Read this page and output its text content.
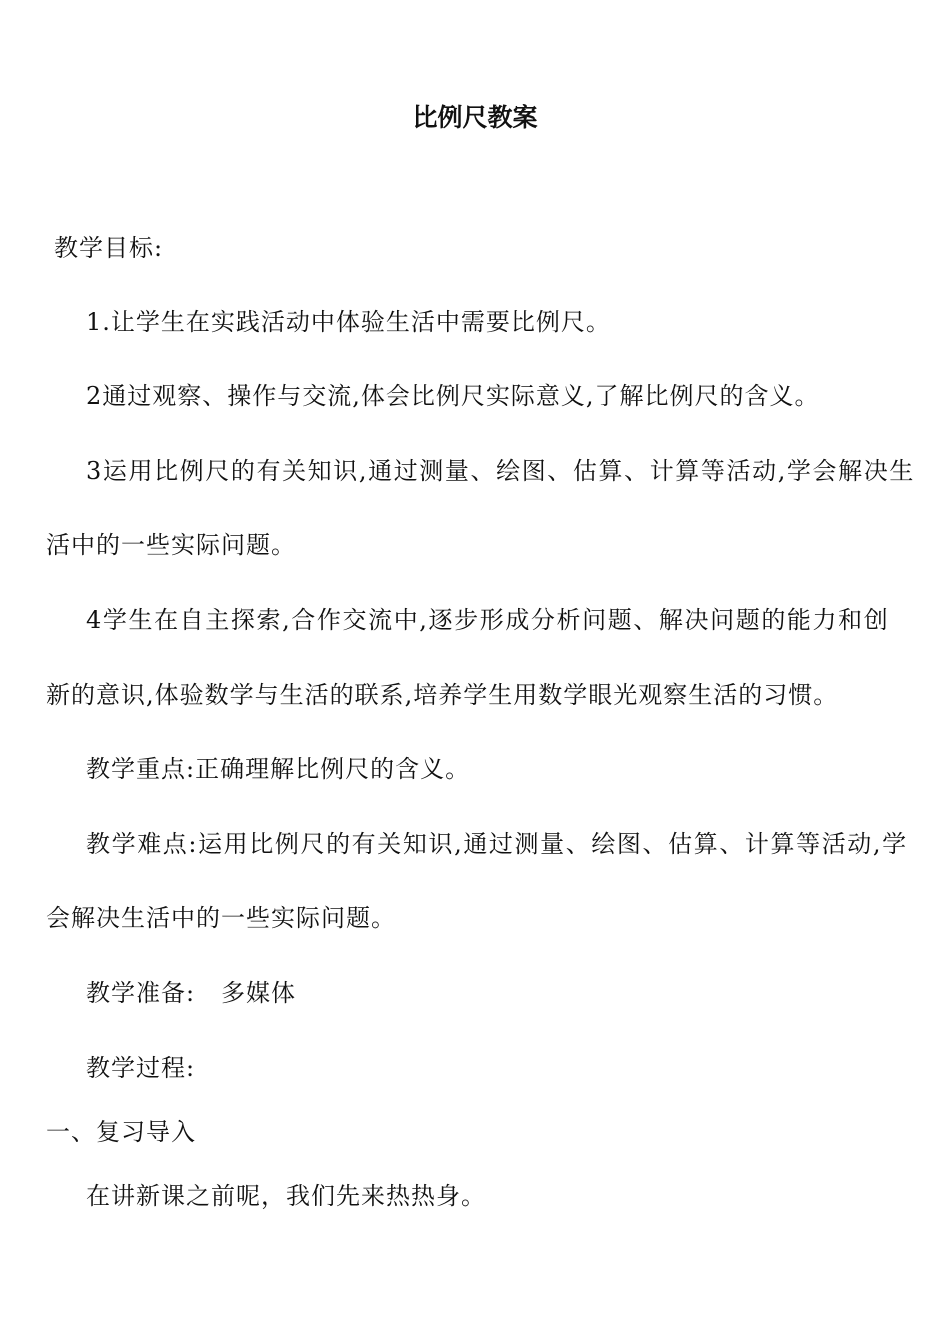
比例尺教案
教学目标:
1.让学生在实践活动中体验生活中需要比例尺。
2通过观察、操作与交流,体会比例尺实际意义,了解比例尺的含义。
3运用比例尺的有关知识,通过测量、绘图、估算、计算等活动,学会解决生
活中的一些实际问题。
4学生在自主探索,合作交流中,逐步形成分析问题、解决问题的能力和创
新的意识,体验数学与生活的联系,培养学生用数学眼光观察生活的习惯。
教学重点:正确理解比例尺的含义。
教学难点:运用比例尺的有关知识,通过测量、绘图、估算、计算等活动,学
会解决生活中的一些实际问题。
教学准备:   多媒体
教学过程:
一、复习导入
在讲新课之前呢，我们先来热热身。
